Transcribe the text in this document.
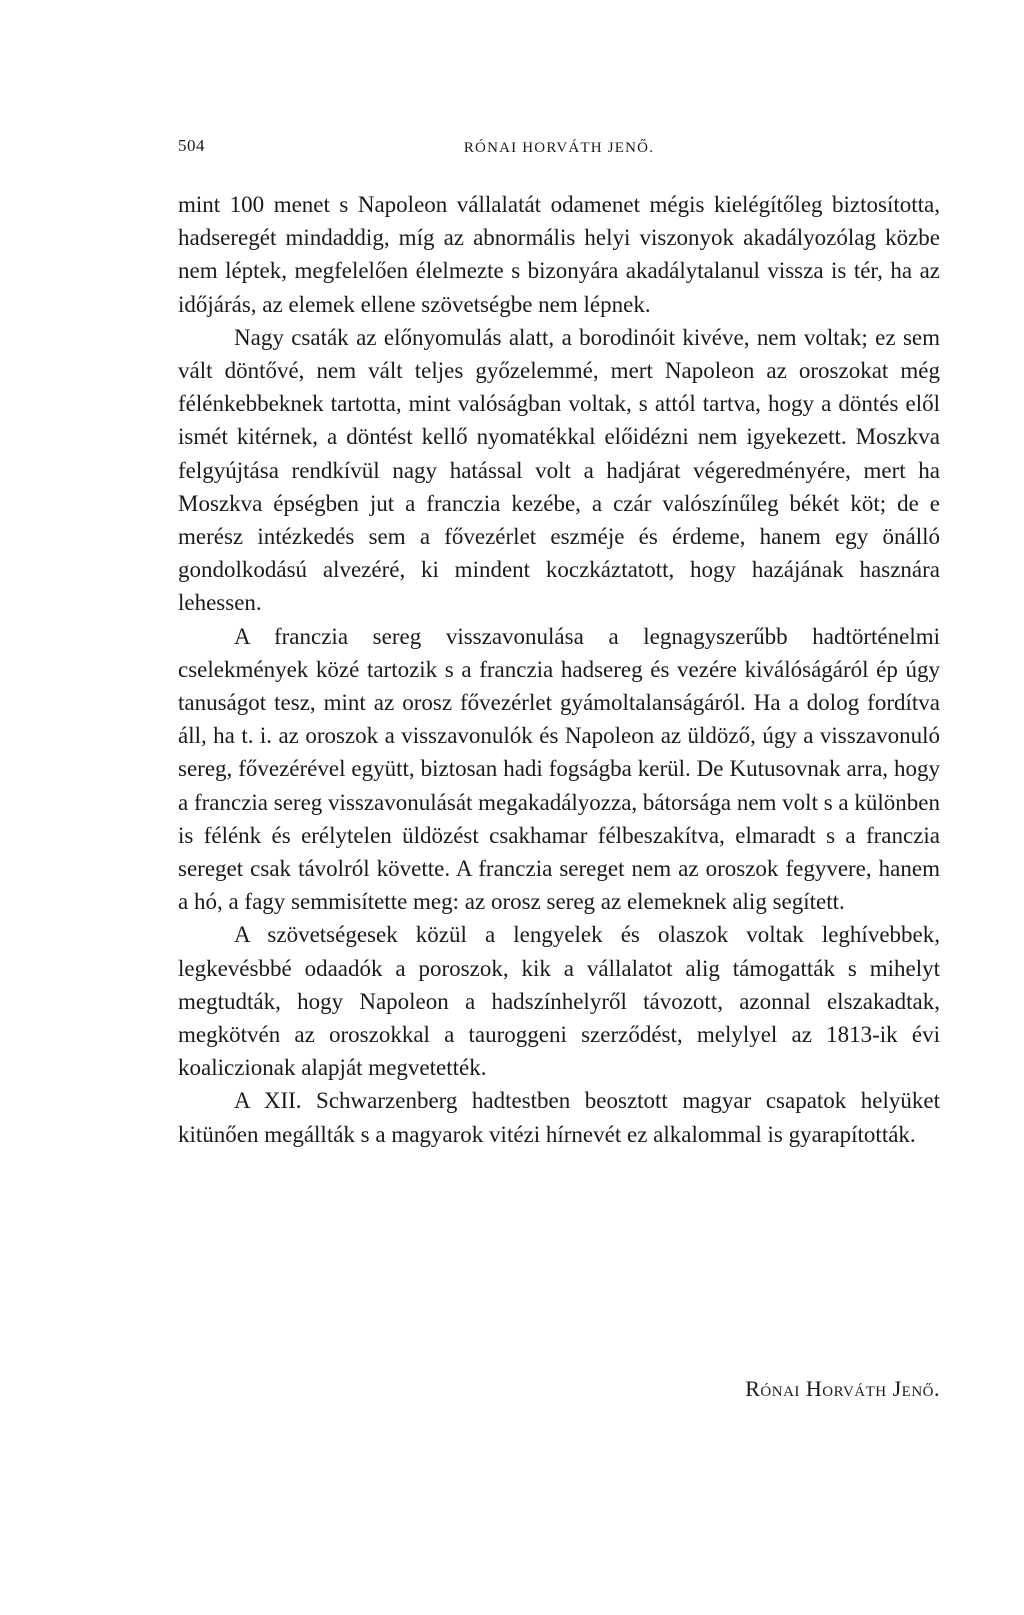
504	RÓNAI HORVÁTH JENŐ.

mint 100 menet s Napoleon vállalatát odamenet mégis kielégítőleg biztosította, hadseregét mindaddig, míg az abnormális helyi viszonyok akadályozólag közbe nem léptek, megfelelően élelmezte s bizonyára akadálytalanul vissza is tér, ha az időjárás, az elemek ellene szövetségbe nem lépnek.

Nagy csaták az előnyomulás alatt, a borodinóit kivéve, nem voltak; ez sem vált döntővé, nem vált teljes győzelemmé, mert Napoleon az oroszokat még félénkebbeknek tartotta, mint valóságban voltak, s attól tartva, hogy a döntés elől ismét kitérnek, a döntést kellő nyomatékkal előidézni nem igyekezett. Moszkva felgyújtása rendkívül nagy hatással volt a hadjárat végeredményére, mert ha Moszkva épségben jut a franczia kezébe, a czár valószínűleg békét köt; de e merész intézkedés sem a fővezérlet eszméje és érdeme, hanem egy önálló gondolkodású alvezéré, ki mindent koczkáztatott, hogy hazájának hasznára lehessen.

A franczia sereg visszavonulása a legnagyszerűbb hadtörténelmi cselekmények közé tartozik s a franczia hadsereg és vezére kiválóságáról ép úgy tanuságot tesz, mint az orosz fővezérlet gyámoltalanságáról. Ha a dolog fordítva áll, ha t. i. az oroszok a visszavonulók és Napoleon az üldöző, úgy a visszavonuló sereg, fővezérével együtt, biztosan hadi fogságba kerül. De Kutusovnak arra, hogy a franczia sereg visszavonulását megakadályozza, bátorsága nem volt s a különben is félénk és erélytelen üldözést csakhamar félbeszakítva, elmaradt s a franczia sereget csak távolról követte. A franczia sereget nem az oroszok fegyvere, hanem a hó, a fagy semmisítette meg: az orosz sereg az elemeknek alig segített.

A szövetségesek közül a lengyelek és olaszok voltak leghívebbek, legkevésbbé odaadók a poroszok, kik a vállalatot alig támogatták s mihelyt megtudták, hogy Napoleon a hadszínhelyről távozott, azonnal elszakadtak, megkötvén az oroszokkal a tauroggeni szerződést, melylyel az 1813-ik évi koaliczionak alapját megvetették.

A XII. Schwarzenberg hadtestben beosztott magyar csapatok helyüket kitünően megállták s a magyarok vitézi hírnevét ez alkalommal is gyarapították.

Rónai Horváth Jenő.
